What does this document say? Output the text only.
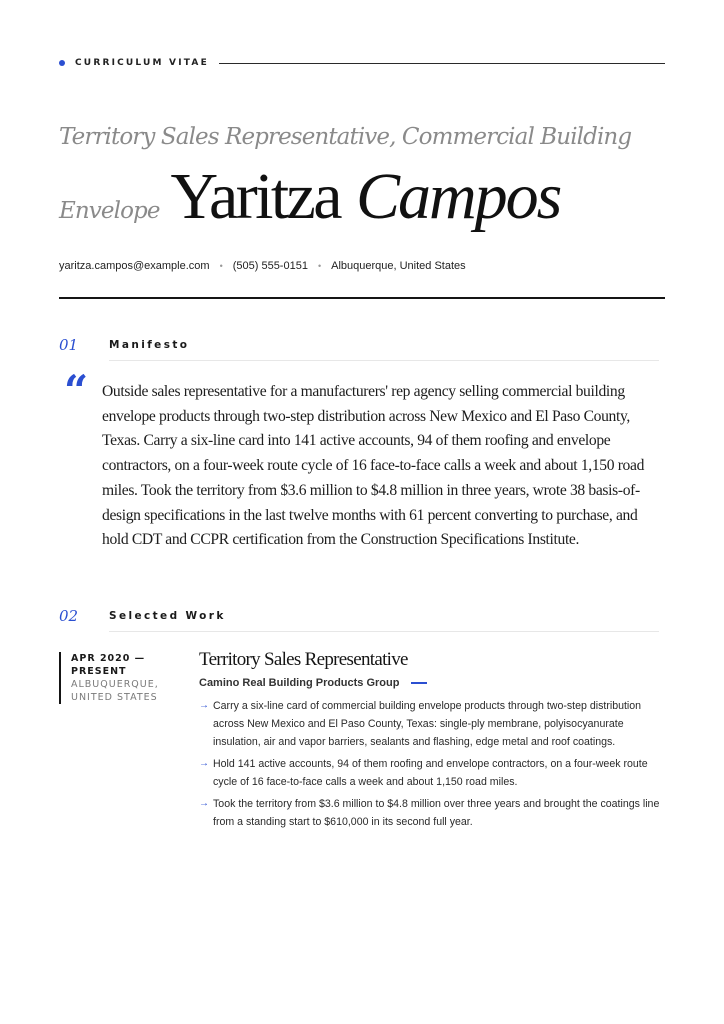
CURRICULUM VITAE
Territory Sales Representative, Commercial Building
Envelope Yaritza Campos
yaritza.campos@example.com • (505) 555-0151 • Albuquerque, United States
01	Manifesto
“ Outside sales representative for a manufacturers' rep agency selling commercial building envelope products through two-step distribution across New Mexico and El Paso County, Texas. Carry a six-line card into 141 active accounts, 94 of them roofing and envelope contractors, on a four-week route cycle of 16 face-to-face calls a week and about 1,150 road miles. Took the territory from $3.6 million to $4.8 million in three years, wrote 38 basis-of-design specifications in the last twelve months with 61 percent converting to purchase, and hold CDT and CCPR certification from the Construction Specifications Institute.

02	Selected Work
APR 2020 — PRESENT
ALBUQUERQUE, UNITED STATES
Territory Sales Representative
Camino Real Building Products Group
→ Carry a six-line card of commercial building envelope products through two-step distribution across New Mexico and El Paso County, Texas: single-ply membrane, polyisocyanurate insulation, air and vapor barriers, sealants and flashing, edge metal and roof coatings.
→ Hold 141 active accounts, 94 of them roofing and envelope contractors, on a four-week route cycle of 16 face-to-face calls a week and about 1,150 road miles.
→ Took the territory from $3.6 million to $4.8 million over three years and brought the coatings line from a standing start to $610,000 in its second full year.
